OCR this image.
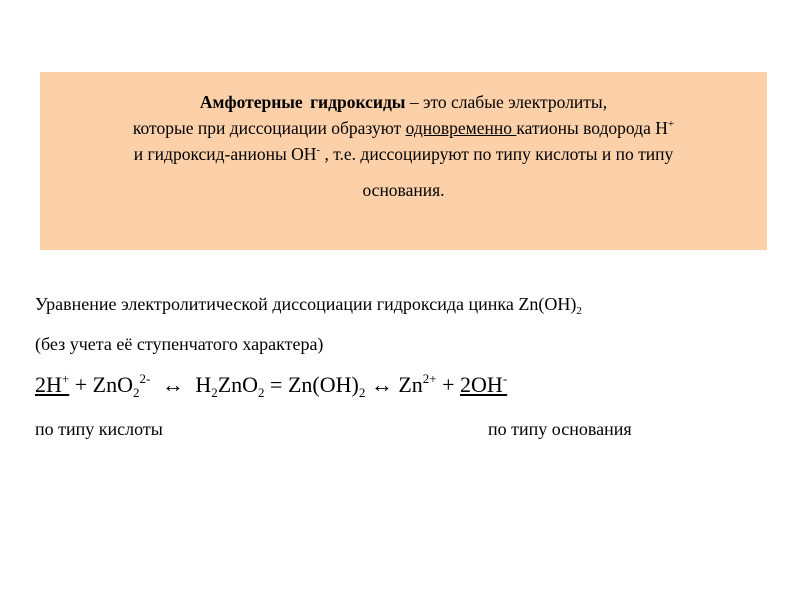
Амфотерные гидроксиды – это слабые электролиты,

которые при диссоциации образуют одновременно катионы водорода Н+

и гидроксид-анионы ОН- , т.е. диссоциируют по типу кислоты и по типу

основания.

Уравнение электролитической диссоциации гидроксида цинка $Zn(OH)_2$
(без учета её ступенчатого характера)
2H+ + ZnO$_2^{2-}$ ↔ $H_2ZnO_2 = Zn(OH)_2$ ↔ $Zn^{2+} + 2OH^-$
по типу кислоты	по типу основания
